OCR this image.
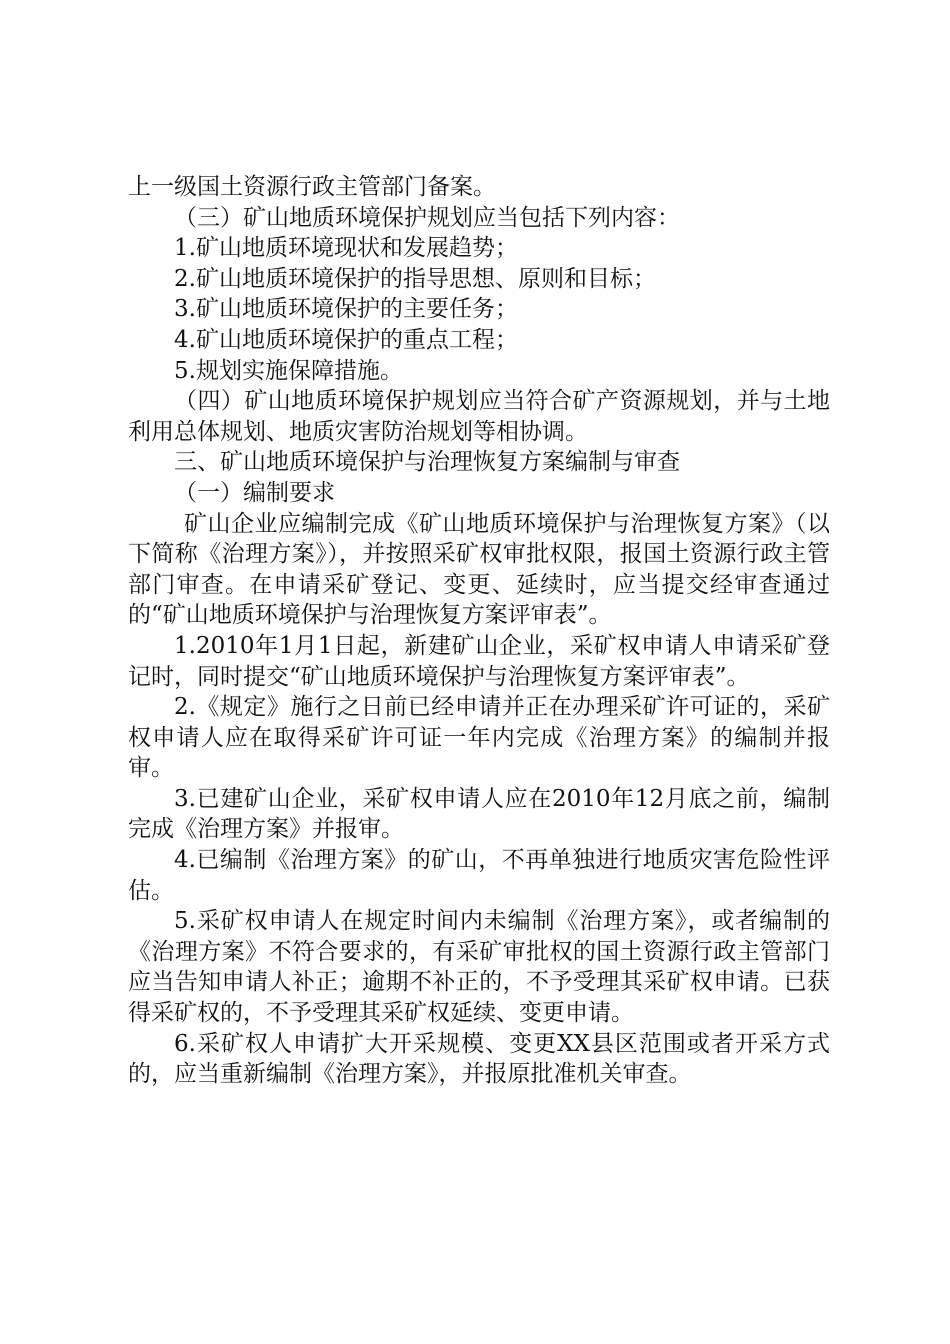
上一级国土资源行政主管部门备案。

（三）矿山地质环境保护规划应当包括下列内容：

1.矿山地质环境现状和发展趋势；

2.矿山地质环境保护的指导思想、原则和目标；

3.矿山地质环境保护的主要任务；

4.矿山地质环境保护的重点工程；

5.规划实施保障措施。

（四）矿山地质环境保护规划应当符合矿产资源规划，并与土地利用总体规划、地质灾害防治规划等相协调。

三、矿山地质环境保护与治理恢复方案编制与审查

（一）编制要求

矿山企业应编制完成《矿山地质环境保护与治理恢复方案》（以下简称《治理方案》），并按照采矿权审批权限，报国土资源行政主管部门审查。在申请采矿登记、变更、延续时，应当提交经审查通过的“矿山地质环境保护与治理恢复方案评审表”。

1.2010年1月1日起，新建矿山企业，采矿权申请人申请采矿登记时，同时提交“矿山地质环境保护与治理恢复方案评审表”。

2.《规定》施行之日前已经申请并正在办理采矿许可证的，采矿权申请人应在取得采矿许可证一年内完成《治理方案》的编制并报审。

3.已建矿山企业，采矿权申请人应在2010年12月底之前，编制完成《治理方案》并报审。

4.已编制《治理方案》的矿山，不再单独进行地质灾害危险性评估。

5.采矿权申请人在规定时间内未编制《治理方案》，或者编制的《治理方案》不符合要求的，有采矿审批权的国土资源行政主管部门应当告知申请人补正；逾期不补正的，不予受理其采矿权申请。已获得采矿权的，不予受理其采矿权延续、变更申请。

6.采矿权人申请扩大开采规模、变更XX县区范围或者开采方式的，应当重新编制《治理方案》，并报原批准机关审查。
